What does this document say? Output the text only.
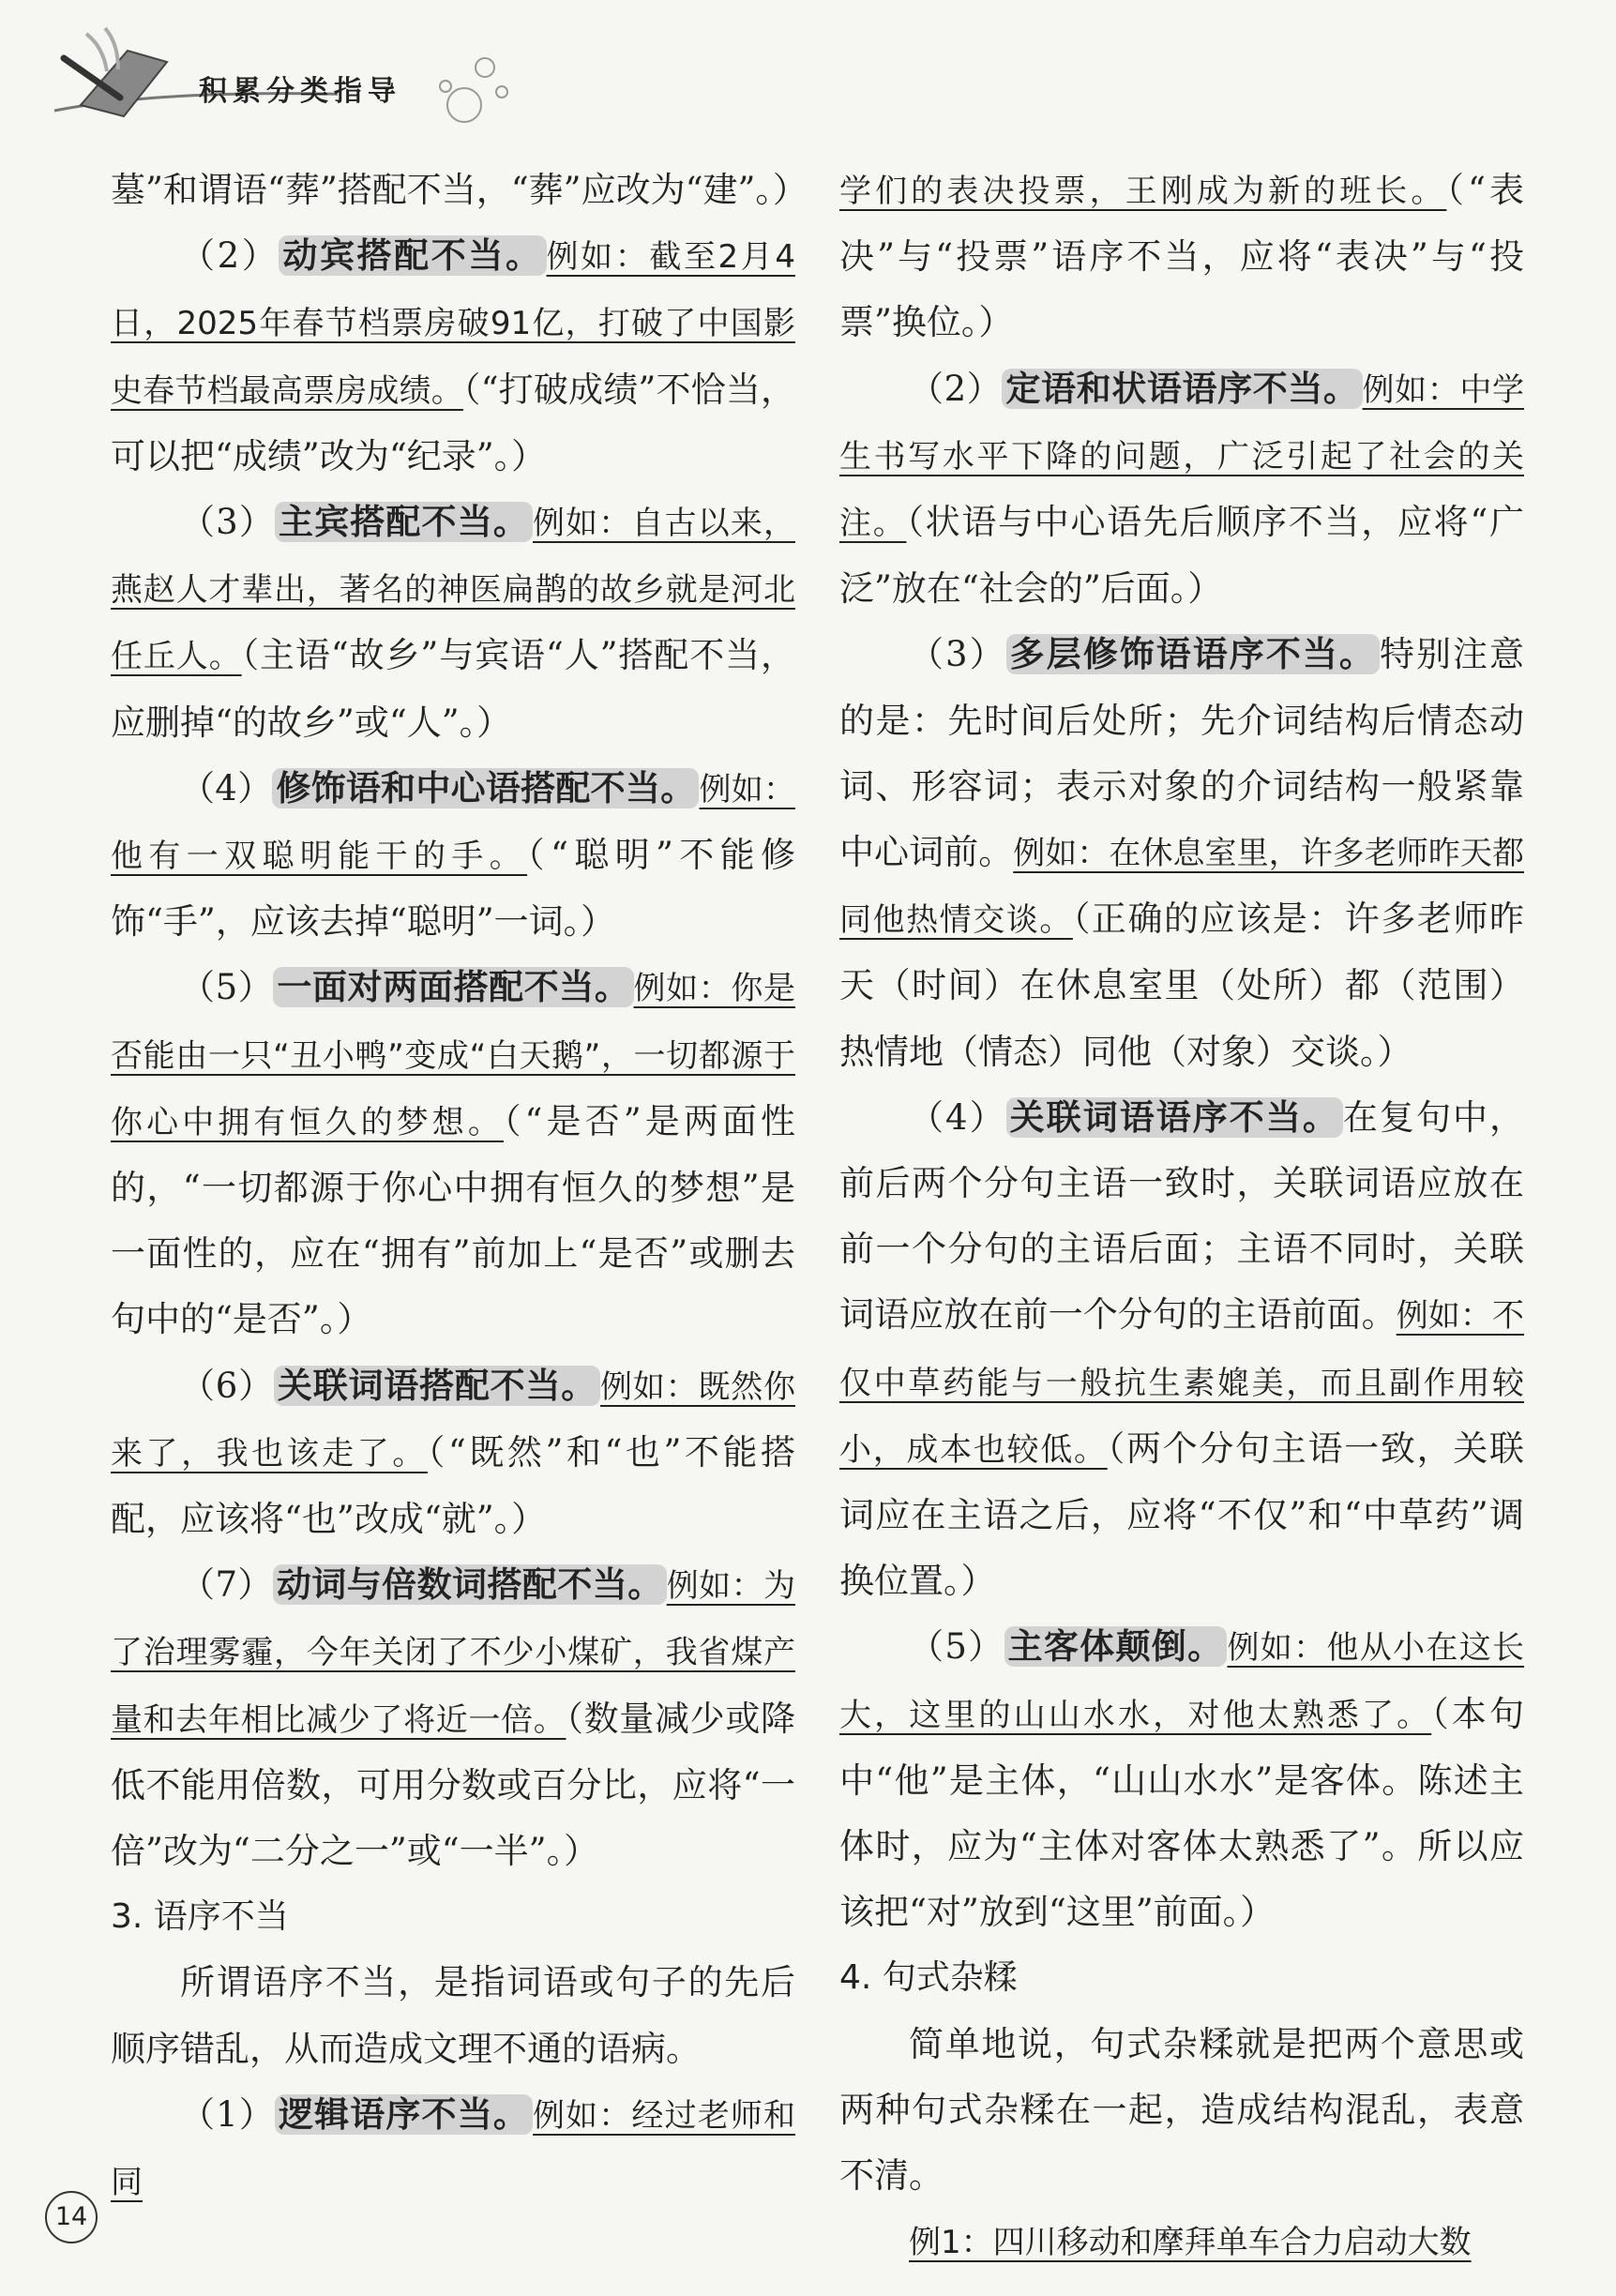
积累分类指导

墓”和谓语“葬”搭配不当，“葬”应改为“建”。）

（2） 动宾搭配不当。 例如：截至2月4日，2025年春节档票房破91亿，打破了中国影史春节档最高票房成绩。（“打破成绩”不恰当，可以把“成绩”改为“纪录”。）

（3） 主宾搭配不当。 例如：自古以来，燕赵人才辈出，著名的神医扁鹊的故乡就是河北任丘人。（主语“故乡”与宾语“人”搭配不当，应删掉“的故乡”或“人”。）

（4） 修饰语和中心语搭配不当。 例如：他有一双聪明能干的手。（“聪明”不能修饰“手”，应该去掉“聪明”一词。）

（5） 一面对两面搭配不当。 例如：你是否能由一只“丑小鸭”变成“白天鹅”，一切都源于你心中拥有恒久的梦想。（“是否”是两面性的，“一切都源于你心中拥有恒久的梦想”是一面性的，应在“拥有”前加上“是否”或删去句中的“是否”。）

（6） 关联词语搭配不当。 例如：既然你来了，我也该走了。（“既然”和“也”不能搭配，应该将“也”改成“就”。）

（7） 动词与倍数词搭配不当。 例如：为了治理雾霾，今年关闭了不少小煤矿，我省煤产量和去年相比减少了将近一倍。（数量减少或降低不能用倍数，可用分数或百分比，应将“一倍”改为“二分之一”或“一半”。）

3. 语序不当

所谓语序不当，是指词语或句子的先后顺序错乱，从而造成文理不通的语病。

（1） 逻辑语序不当。 例如：经过老师和同

学们的表决投票，王刚成为新的班长。（“表决”与“投票”语序不当，应将“表决”与“投票”换位。）

（2） 定语和状语语序不当。 例如：中学生书写水平下降的问题，广泛引起了社会的关注。（状语与中心语先后顺序不当，应将“广泛”放在“社会的”后面。）

（3） 多层修饰语语序不当。 特别注意的是：先时间后处所；先介词结构后情态动词、形容词；表示对象的介词结构一般紧靠中心词前。例如：在休息室里，许多老师昨天都同他热情交谈。（正确的应该是：许多老师昨天（时间）在休息室里（处所）都（范围）热情地（情态）同他（对象）交谈。）

（4） 关联词语语序不当。 在复句中，前后两个分句主语一致时，关联词语应放在前一个分句的主语后面；主语不同时，关联词语应放在前一个分句的主语前面。例如：不仅中草药能与一般抗生素媲美，而且副作用较小，成本也较低。（两个分句主语一致，关联词应在主语之后，应将“不仅”和“中草药”调换位置。）

（5） 主客体颠倒。 例如：他从小在这长大，这里的山山水水，对他太熟悉了。（本句中“他”是主体，“山山水水”是客体。陈述主体时，应为“主体对客体太熟悉了”。所以应该把“对”放到“这里”前面。）

4. 句式杂糅

简单地说，句式杂糅就是把两个意思或两种句式杂糅在一起，造成结构混乱，表意不清。

例1：四川移动和摩拜单车合力启动大数

14
